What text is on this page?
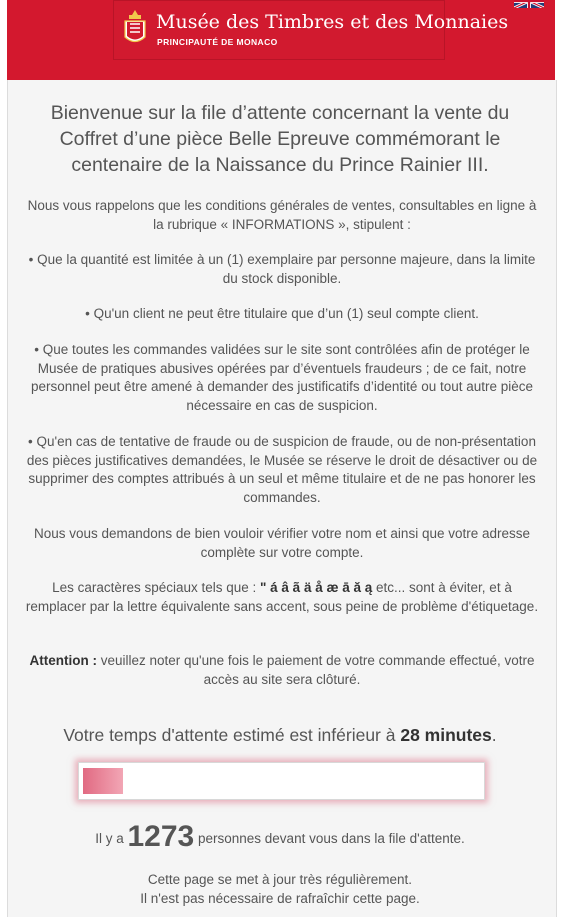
Musée des Timbres et des Monnaies
PRINCIPAUTÉ DE MONACO
Bienvenue sur la file d’attente concernant la vente du Coffret d’une pièce Belle Epreuve commémorant le centenaire de la Naissance du Prince Rainier III.
Nous vous rappelons que les conditions générales de ventes, consultables en ligne à la rubrique « INFORMATIONS », stipulent :
• Que la quantité est limitée à un (1) exemplaire par personne majeure, dans la limite du stock disponible.
• Qu'un client ne peut être titulaire que d’un (1) seul compte client.
• Que toutes les commandes validées sur le site sont contrôlées afin de protéger le Musée de pratiques abusives opérées par d’éventuels fraudeurs ; de ce fait, notre personnel peut être amené à demander des justificatifs d’identité ou tout autre pièce nécessaire en cas de suspicion.
• Qu'en cas de tentative de fraude ou de suspicion de fraude, ou de non-présentation des pièces justificatives demandées, le Musée se réserve le droit de désactiver ou de supprimer des comptes attribués à un seul et même titulaire et de ne pas honorer les commandes.
Nous vous demandons de bien vouloir vérifier votre nom et ainsi que votre adresse complète sur votre compte.
Les caractères spéciaux tels que : " á â ã ä å æ ā ă ą etc... sont à éviter, et à remplacer par la lettre équivalente sans accent, sous peine de problème d'étiquetage.
Attention : veuillez noter qu'une fois le paiement de votre commande effectué, votre accès au site sera clôturé.
Votre temps d'attente estimé est inférieur à 28 minutes.
Il y a 1273 personnes devant vous dans la file d'attente.
Cette page se met à jour très régulièrement.
Il n'est pas nécessaire de rafraîchir cette page.
